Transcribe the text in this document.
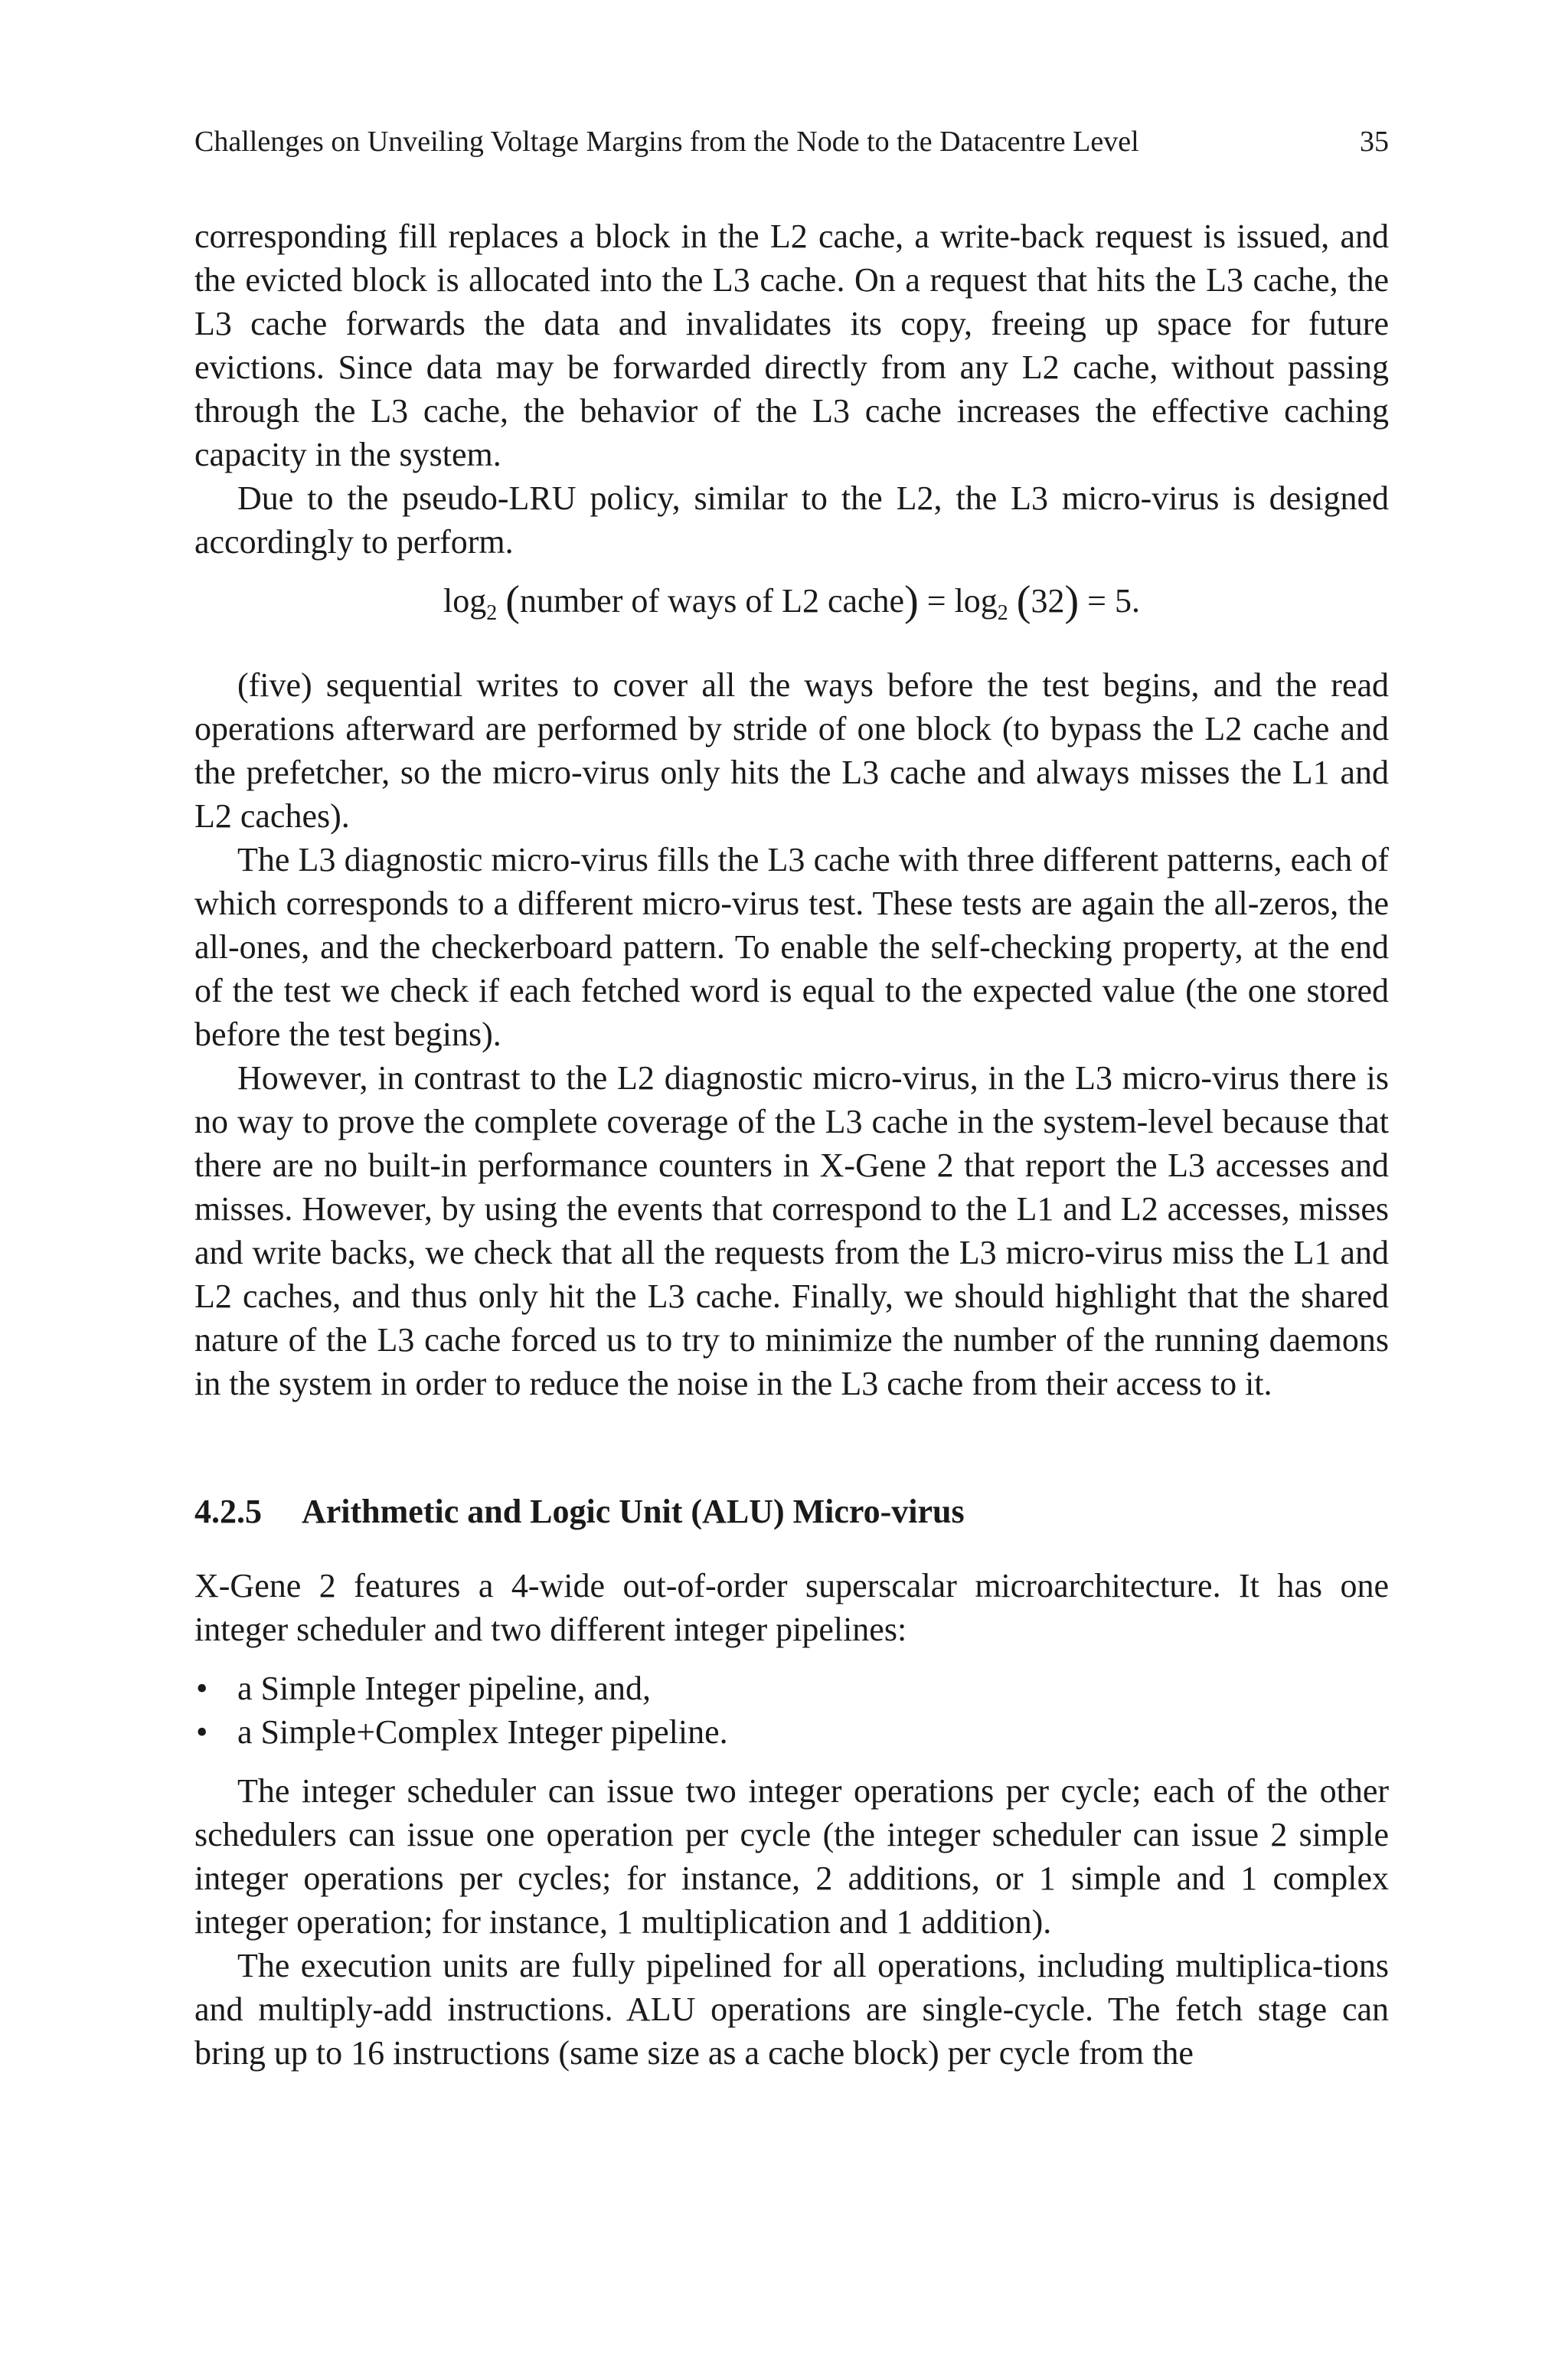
Challenges on Unveiling Voltage Margins from the Node to the Datacentre Level	35

corresponding fill replaces a block in the L2 cache, a write-back request is issued, and the evicted block is allocated into the L3 cache. On a request that hits the L3 cache, the L3 cache forwards the data and invalidates its copy, freeing up space for future evictions. Since data may be forwarded directly from any L2 cache, without passing through the L3 cache, the behavior of the L3 cache increases the effective caching capacity in the system.

Due to the pseudo-LRU policy, similar to the L2, the L3 micro-virus is designed accordingly to perform.

$\log_2$ (number of ways of L2 cache) = $\log_2 (32) = 5$.

(five) sequential writes to cover all the ways before the test begins, and the read operations afterward are performed by stride of one block (to bypass the L2 cache and the prefetcher, so the micro-virus only hits the L3 cache and always misses the L1 and L2 caches).

The L3 diagnostic micro-virus fills the L3 cache with three different patterns, each of which corresponds to a different micro-virus test. These tests are again the all-zeros, the all-ones, and the checkerboard pattern. To enable the self-checking property, at the end of the test we check if each fetched word is equal to the expected value (the one stored before the test begins).

However, in contrast to the L2 diagnostic micro-virus, in the L3 micro-virus there is no way to prove the complete coverage of the L3 cache in the system-level because that there are no built-in performance counters in X-Gene 2 that report the L3 accesses and misses. However, by using the events that correspond to the L1 and L2 accesses, misses and write backs, we check that all the requests from the L3 micro-virus miss the L1 and L2 caches, and thus only hit the L3 cache. Finally, we should highlight that the shared nature of the L3 cache forced us to try to minimize the number of the running daemons in the system in order to reduce the noise in the L3 cache from their access to it.

4.2.5 Arithmetic and Logic Unit (ALU) Micro-virus

X-Gene 2 features a 4-wide out-of-order superscalar microarchitecture. It has one integer scheduler and two different integer pipelines:

• a Simple Integer pipeline, and,
• a Simple+Complex Integer pipeline.

The integer scheduler can issue two integer operations per cycle; each of the other schedulers can issue one operation per cycle (the integer scheduler can issue 2 simple integer operations per cycles; for instance, 2 additions, or 1 simple and 1 complex integer operation; for instance, 1 multiplication and 1 addition).

The execution units are fully pipelined for all operations, including multiplica-tions and multiply-add instructions. ALU operations are single-cycle. The fetch stage can bring up to 16 instructions (same size as a cache block) per cycle from the
